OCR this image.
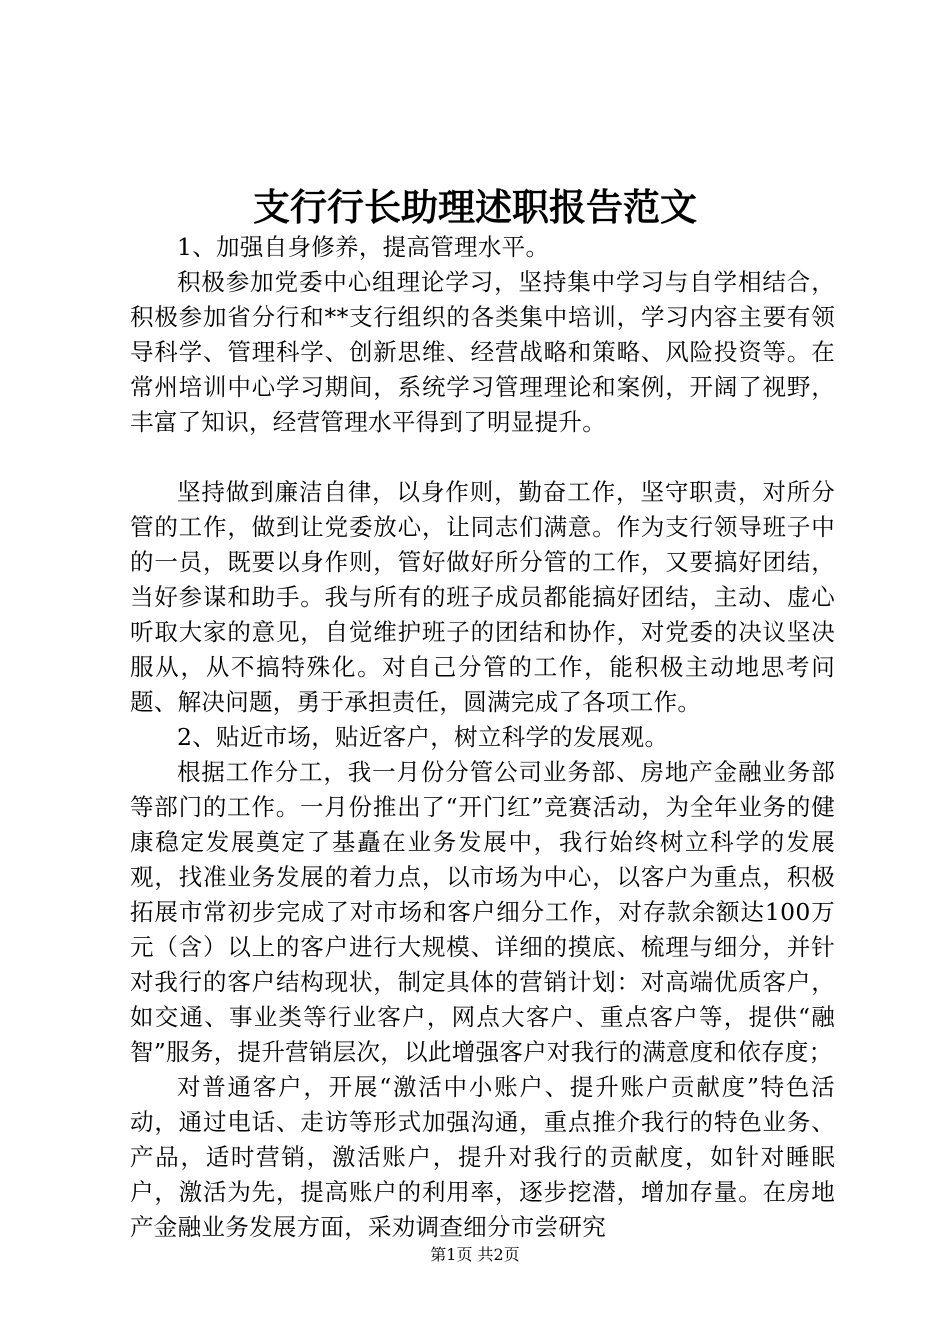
支行行长助理述职报告范文

1、加强自身修养，提高管理水平。

积极参加党委中心组理论学习，坚持集中学习与自学相结合，积极参加省分行和**支行组织的各类集中培训，学习内容主要有领导科学、管理科学、创新思维、经营战略和策略、风险投资等。在常州培训中心学习期间，系统学习管理理论和案例，开阔了视野，丰富了知识，经营管理水平得到了明显提升。

坚持做到廉洁自律，以身作则，勤奋工作，坚守职责，对所分管的工作，做到让党委放心，让同志们满意。作为支行领导班子中的一员，既要以身作则，管好做好所分管的工作，又要搞好团结，当好参谋和助手。我与所有的班子成员都能搞好团结，主动、虚心听取大家的意见，自觉维护班子的团结和协作，对党委的决议坚决服从，从不搞特殊化。对自己分管的工作，能积极主动地思考问题、解决问题，勇于承担责任，圆满完成了各项工作。

2、贴近市场，贴近客户，树立科学的发展观。

根据工作分工，我一月份分管公司业务部、房地产金融业务部等部门的工作。一月份推出了“开门红”竞赛活动，为全年业务的健康稳定发展奠定了基矗在业务发展中，我行始终树立科学的发展观，找准业务发展的着力点，以市场为中心，以客户为重点，积极拓展市常初步完成了对市场和客户细分工作，对存款余额达100万元（含）以上的客户进行大规模、详细的摸底、梳理与细分，并针对我行的客户结构现状，制定具体的营销计划：对高端优质客户，如交通、事业类等行业客户，网点大客户、重点客户等，提供“融智”服务，提升营销层次，以此增强客户对我行的满意度和依存度；

对普通客户，开展“激活中小账户、提升账户贡献度”特色活动，通过电话、走访等形式加强沟通，重点推介我行的特色业务、产品，适时营销，激活账户，提升对我行的贡献度，如针对睡眠户，激活为先，提高账户的利用率，逐步挖潜，增加存量。在房地产金融业务发展方面，采劝调查细分市尝研究

第1页 共2页
